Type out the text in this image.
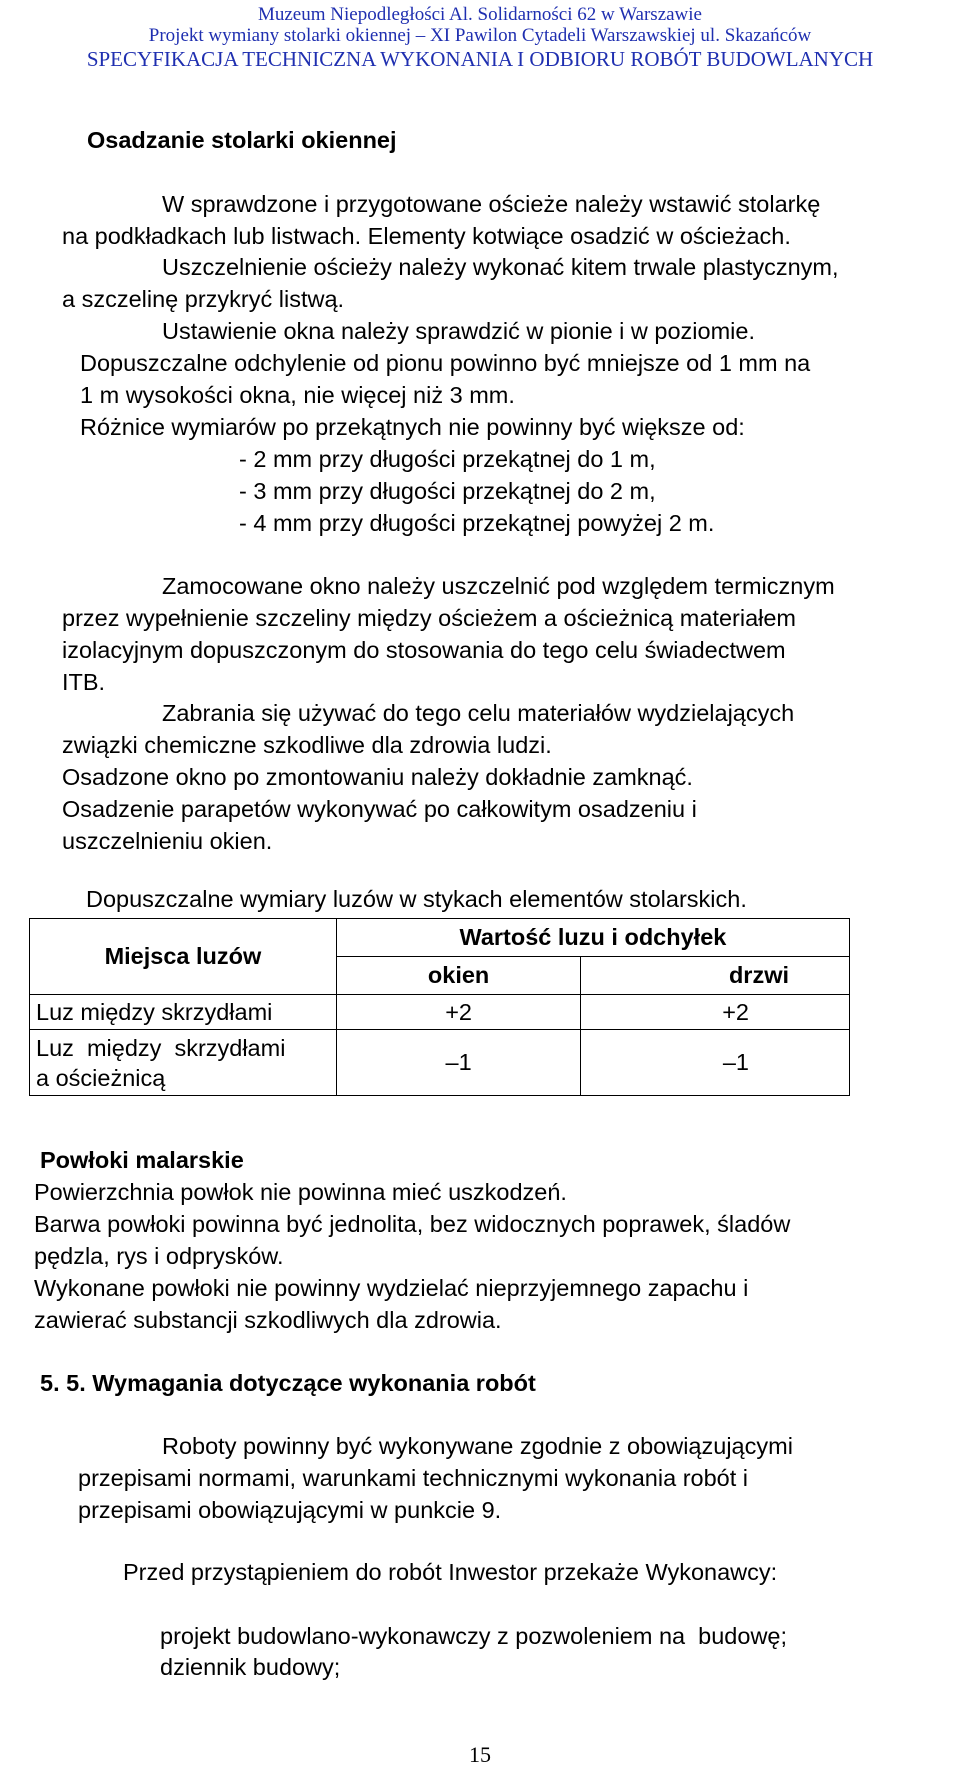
Muzeum Niepodległości Al. Solidarności 62 w Warszawie
Projekt wymiany stolarki okiennej – XI Pawilon Cytadeli Warszawskiej ul. Skazańców
SPECYFIKACJA TECHNICZNA WYKONANIA I ODBIORU ROBÓT BUDOWLANYCH
Osadzanie stolarki okiennej
W sprawdzone i przygotowane ościeże należy wstawić stolarkę
na podkładkach lub listwach. Elementy kotwiące osadzić w ościeżach.
Uszczelnienie ościeży należy wykonać kitem trwale plastycznym,
a szczelinę przykryć listwą.
Ustawienie okna należy sprawdzić w pionie i w poziomie.
Dopuszczalne odchylenie od pionu powinno być mniejsze od 1 mm na
1 m wysokości okna, nie więcej niż 3 mm.
Różnice wymiarów po przekątnych nie powinny być większe od:
- 2 mm przy długości przekątnej do 1 m,
- 3 mm przy długości przekątnej do 2 m,
- 4 mm przy długości przekątnej powyżej 2 m.
Zamocowane okno należy uszczelnić pod względem termicznym
przez wypełnienie szczeliny między ościeżem a ościeżnicą materiałem
izolacyjnym dopuszczonym do stosowania do tego celu świadectwem
ITB.
Zabrania się używać do tego celu materiałów wydzielających
związki chemiczne szkodliwe dla zdrowia ludzi.
Osadzone okno po zmontowaniu należy dokładnie zamknąć.
Osadzenie parapetów wykonywać po całkowitym osadzeniu i
uszczelnieniu okien.
Dopuszczalne wymiary luzów w stykach elementów stolarskich.
Miejsca luzów	Wartość luzu i odchyłek	
	okien	drzwi
Luz między skrzydłami	+2	+2

Luz  między  skrzydłami
a ościeżnicą	–1	–1
Powłoki malarskie
Powierzchnia powłok nie powinna mieć uszkodzeń.
Barwa powłoki powinna być jednolita, bez widocznych poprawek, śladów
pędzla, rys i odprysków.
Wykonane powłoki nie powinny wydzielać nieprzyjemnego zapachu i
zawierać substancji szkodliwych dla zdrowia.
5. 5. Wymagania dotyczące wykonania robót
Roboty powinny być wykonywane zgodnie z obowiązującymi
przepisami normami, warunkami technicznymi wykonania robót i
przepisami obowiązującymi w punkcie 9.
Przed przystąpieniem do robót Inwestor przekaże Wykonawcy:
projekt budowlano-wykonawczy z pozwoleniem na  budowę;
dziennik budowy;
15
